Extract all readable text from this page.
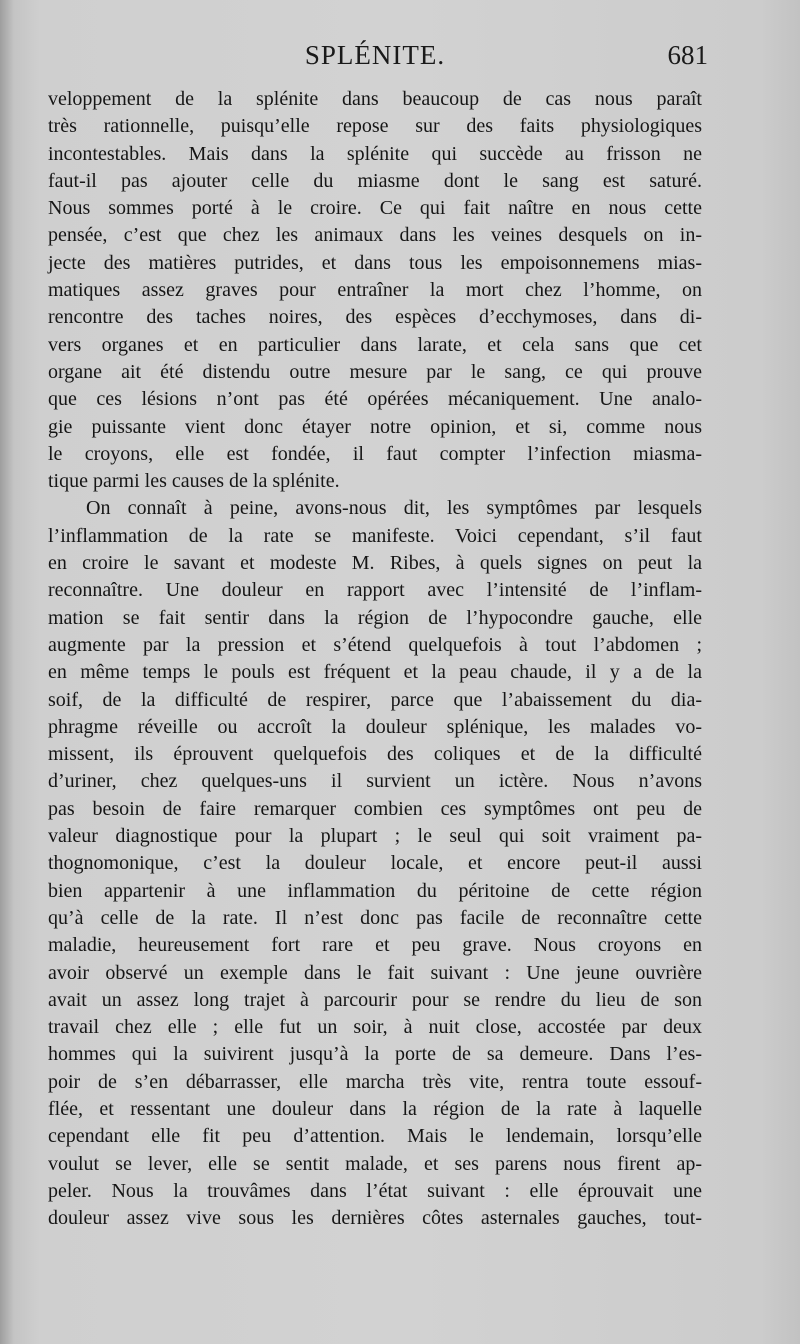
SPLÉNITE.	681
veloppement de la splénite dans beaucoup de cas nous paraît
très rationnelle, puisqu’elle repose sur des faits physiologiques
incontestables. Mais dans la splénite qui succède au frisson ne
faut-il pas ajouter celle du miasme dont le sang est saturé.
Nous sommes porté à le croire. Ce qui fait naître en nous cette
pensée, c’est que chez les animaux dans les veines desquels on in-
jecte des matières putrides, et dans tous les empoisonnemens mias-
matiques assez graves pour entraîner la mort chez l’homme, on
rencontre des taches noires, des espèces d’ecchymoses, dans di-
vers organes et en particulier dans larate, et cela sans que cet
organe ait été distendu outre mesure par le sang, ce qui prouve
que ces lésions n’ont pas été opérées mécaniquement. Une analo-
gie puissante vient donc étayer notre opinion, et si, comme nous
le croyons, elle est fondée, il faut compter l’infection miasma-
tique parmi les causes de la splénite.
On connaît à peine, avons-nous dit, les symptômes par lesquels
l’inflammation de la rate se manifeste. Voici cependant, s’il faut
en croire le savant et modeste M. Ribes, à quels signes on peut la
reconnaître. Une douleur en rapport avec l’intensité de l’inflam-
mation se fait sentir dans la région de l’hypocondre gauche, elle
augmente par la pression et s’étend quelquefois à tout l’abdomen ;
en même temps le pouls est fréquent et la peau chaude, il y a de la
soif, de la difficulté de respirer, parce que l’abaissement du dia-
phragme réveille ou accroît la douleur splénique, les malades vo-
missent, ils éprouvent quelquefois des coliques et de la difficulté
d’uriner, chez quelques-uns il survient un ictère. Nous n’avons
pas besoin de faire remarquer combien ces symptômes ont peu de
valeur diagnostique pour la plupart ; le seul qui soit vraiment pa-
thognomonique, c’est la douleur locale, et encore peut-il aussi
bien appartenir à une inflammation du péritoine de cette région
qu’à celle de la rate. Il n’est donc pas facile de reconnaître cette
maladie, heureusement fort rare et peu grave. Nous croyons en
avoir observé un exemple dans le fait suivant : Une jeune ouvrière
avait un assez long trajet à parcourir pour se rendre du lieu de son
travail chez elle ; elle fut un soir, à nuit close, accostée par deux
hommes qui la suivirent jusqu’à la porte de sa demeure. Dans l’es-
poir de s’en débarrasser, elle marcha très vite, rentra toute essouf-
flée, et ressentant une douleur dans la région de la rate à laquelle
cependant elle fit peu d’attention. Mais le lendemain, lorsqu’elle
voulut se lever, elle se sentit malade, et ses parens nous firent ap-
peler. Nous la trouvâmes dans l’état suivant : elle éprouvait une
douleur assez vive sous les dernières côtes asternales gauches, tout-
